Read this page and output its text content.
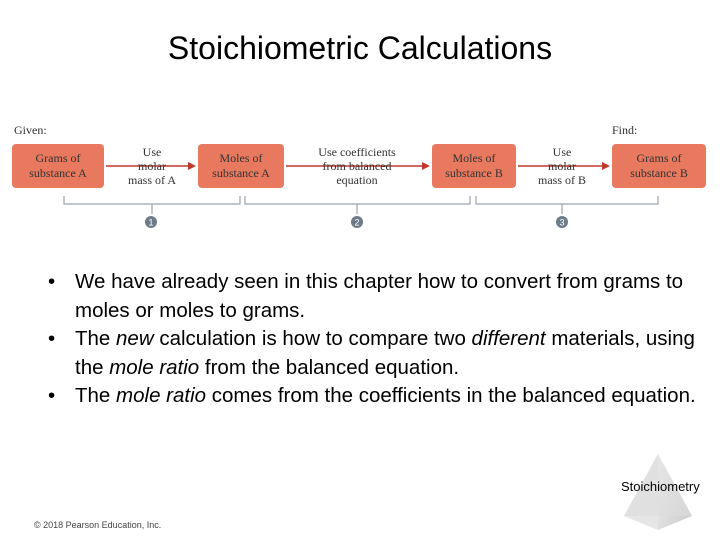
Stoichiometric Calculations
Given:	Find:
Grams of
substance A
Moles of
substance A
Moles of
substance B
Grams of
substance B
Use
molar
mass of A
Use coefficients
from balanced
equation
Use
molar
mass of B
1	2	3
• We have already seen in this chapter how to convert from grams to moles or moles to grams.
• The new calculation is how to compare two different materials, using the mole ratio from the balanced equation.
• The mole ratio comes from the coefficients in the balanced equation.
Stoichiometry
© 2018 Pearson Education, Inc.
